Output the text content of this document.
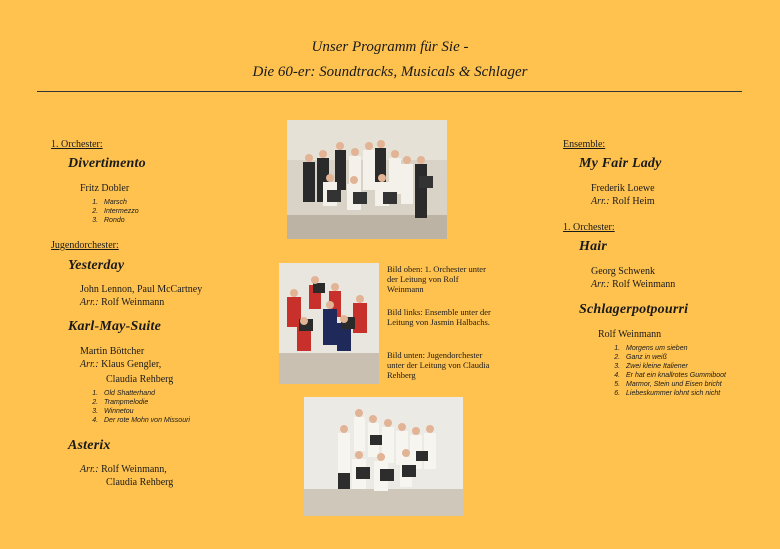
Unser Programm für Sie -
Die 60-er: Soundtracks, Musicals & Schlager
1. Orchester:
Divertimento
Fritz Dobler
1. Marsch
2. Intermezzo
3. Rondo
Jugendorchester:
Yesterday
John Lennon, Paul McCartney
Arr.: Rolf Weinmann
Karl-May-Suite
Martin Böttcher
Arr.: Klaus Gengler,
Claudia Rehberg
1. Old Shatterhand
2. Trampmelodie
3. Winnetou
4. Der rote Mohn von Missouri
Asterix
Arr.: Rolf Weinmann,
Claudia Rehberg
Bild oben: 1. Orchester unter der Leitung von Rolf Weinmann
Bild links: Ensemble unter der Leitung von Jasmin Halbachs.
Bild unten: Jugendorchester unter der Leitung von Claudia Rehberg
Ensemble:
My Fair Lady
Frederik Loewe
Arr.: Rolf Heim
1. Orchester:
Hair
Georg Schwenk
Arr.: Rolf Weinmann
Schlagerpotpourri
Rolf Weinmann
1. Morgens um sieben
2. Ganz in weiß
3. Zwei kleine Italiener
4. Er hat ein knallrotes Gummiboot
5. Marmor, Stein und Eisen bricht
6. Liebeskummer lohnt sich nicht
